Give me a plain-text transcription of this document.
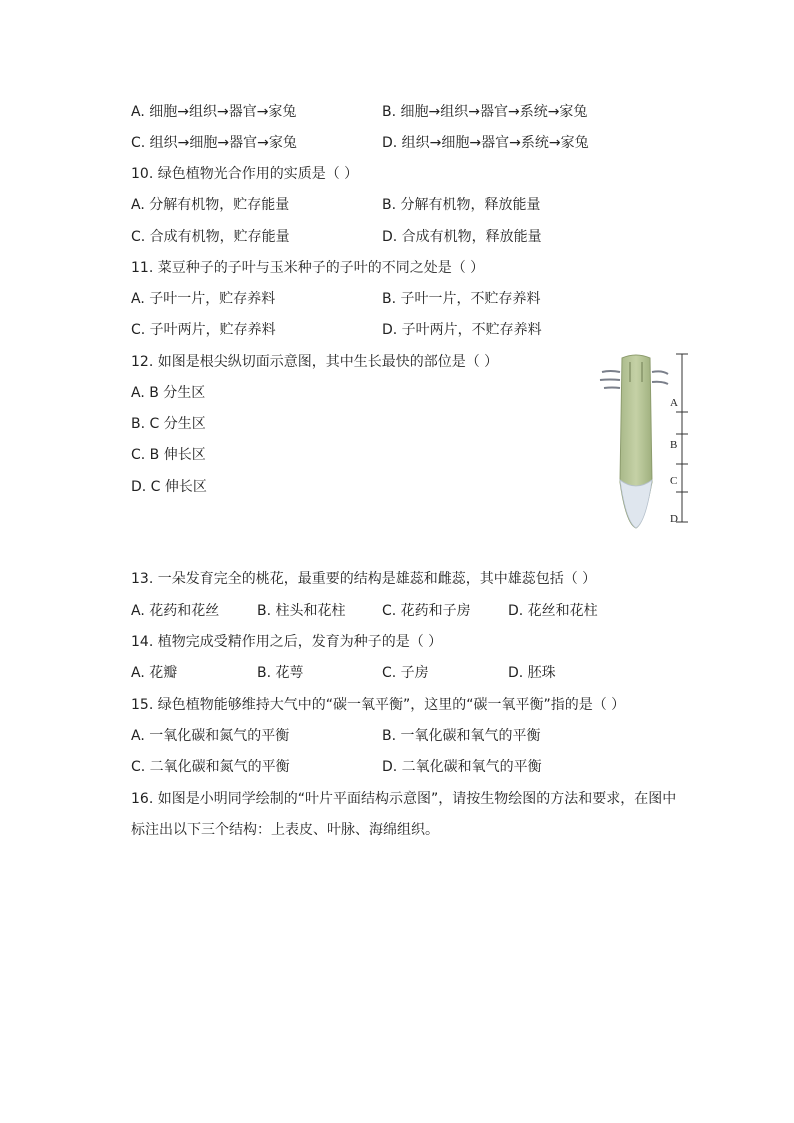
A. 细胞→组织→器官→家兔	B. 细胞→组织→器官→系统→家兔
C. 组织→细胞→器官→家兔	D. 组织→细胞→器官→系统→家兔
10. 绿色植物光合作用的实质是（ ）
A. 分解有机物，贮存能量	B. 分解有机物，释放能量
C. 合成有机物，贮存能量	D. 合成有机物，释放能量
11. 菜豆种子的子叶与玉米种子的子叶的不同之处是（ ）
A. 子叶一片，贮存养料	B. 子叶一片，不贮存养料
C. 子叶两片，贮存养料	D. 子叶两片，不贮存养料
12. 如图是根尖纵切面示意图，其中生长最快的部位是（ ）
A. B 分生区
B. C 分生区
C. B 伸长区
D. C 伸长区
A
B
C
D
13. 一朵发育完全的桃花，最重要的结构是雄蕊和雌蕊，其中雄蕊包括（ ）
A. 花药和花丝	B. 柱头和花柱	C. 花药和子房	D. 花丝和花柱
14. 植物完成受精作用之后，发育为种子的是（ ）
A. 花瓣	B. 花萼	C. 子房	D. 胚珠
15. 绿色植物能够维持大气中的“碳一氧平衡”，这里的“碳一氧平衡”指的是（ ）
A. 一氧化碳和氮气的平衡	B. 一氧化碳和氧气的平衡
C. 二氧化碳和氮气的平衡	D. 二氧化碳和氧气的平衡
16. 如图是小明同学绘制的“叶片平面结构示意图”，请按生物绘图的方法和要求，在图中
标注出以下三个结构：上表皮、叶脉、海绵组织。
